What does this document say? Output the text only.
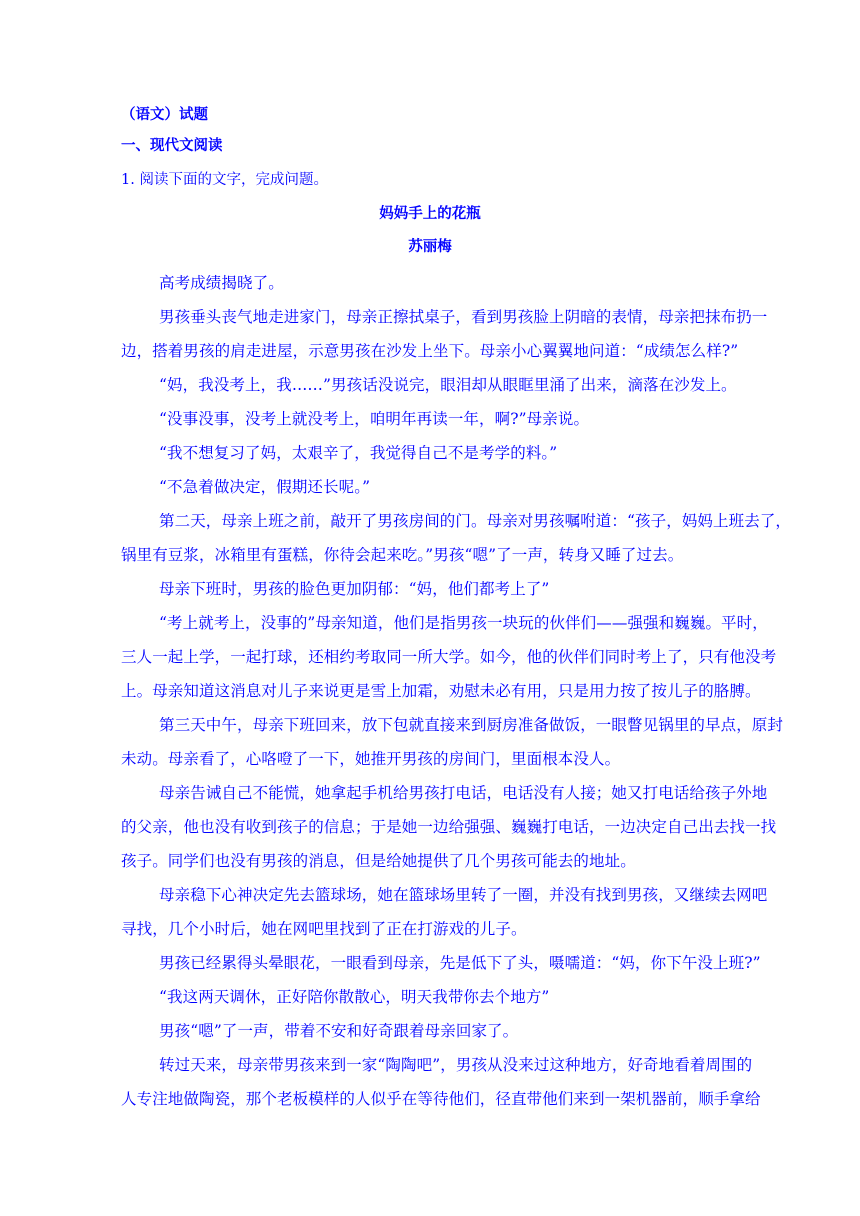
（语文）试题

一、现代文阅读

1. 阅读下面的文字，完成问题。

妈妈手上的花瓶

苏丽梅

高考成绩揭晓了。

男孩垂头丧气地走进家门，母亲正擦拭桌子，看到男孩脸上阴暗的表情，母亲把抹布扔一

边，搭着男孩的肩走进屋，示意男孩在沙发上坐下。母亲小心翼翼地问道：“成绩怎么样?”

“妈，我没考上，我……”男孩话没说完，眼泪却从眼眶里涌了出来，滴落在沙发上。

“没事没事，没考上就没考上，咱明年再读一年，啊?”母亲说。

“我不想复习了妈，太艰辛了，我觉得自己不是考学的料。”

“不急着做决定，假期还长呢。”

第二天，母亲上班之前，敲开了男孩房间的门。母亲对男孩嘱咐道：“孩子，妈妈上班去了，

锅里有豆浆，冰箱里有蛋糕，你待会起来吃。”男孩“嗯”了一声，转身又睡了过去。

母亲下班时，男孩的脸色更加阴郁：“妈，他们都考上了”

“考上就考上，没事的”母亲知道，他们是指男孩一块玩的伙伴们——强强和巍巍。平时，

三人一起上学，一起打球，还相约考取同一所大学。如今，他的伙伴们同时考上了，只有他没考

上。母亲知道这消息对儿子来说更是雪上加霜，劝慰未必有用，只是用力按了按儿子的胳膊。

第三天中午，母亲下班回来，放下包就直接来到厨房准备做饭，一眼瞥见锅里的早点，原封

未动。母亲看了，心咯噔了一下，她推开男孩的房间门，里面根本没人。

母亲告诫自己不能慌，她拿起手机给男孩打电话，电话没有人接；她又打电话给孩子外地

的父亲，他也没有收到孩子的信息；于是她一边给强强、巍巍打电话，一边决定自己出去找一找

孩子。同学们也没有男孩的消息，但是给她提供了几个男孩可能去的地址。

母亲稳下心神决定先去篮球场，她在篮球场里转了一圈，并没有找到男孩，又继续去网吧

寻找，几个小时后，她在网吧里找到了正在打游戏的儿子。

男孩已经累得头晕眼花，一眼看到母亲，先是低下了头，嗫嚅道：“妈，你下午没上班?”

“我这两天调休，正好陪你散散心，明天我带你去个地方”

男孩“嗯”了一声，带着不安和好奇跟着母亲回家了。

转过天来，母亲带男孩来到一家“陶陶吧”，男孩从没来过这种地方，好奇地看着周围的

人专注地做陶瓷，那个老板模样的人似乎在等待他们，径直带他们来到一架机器前，顺手拿给
